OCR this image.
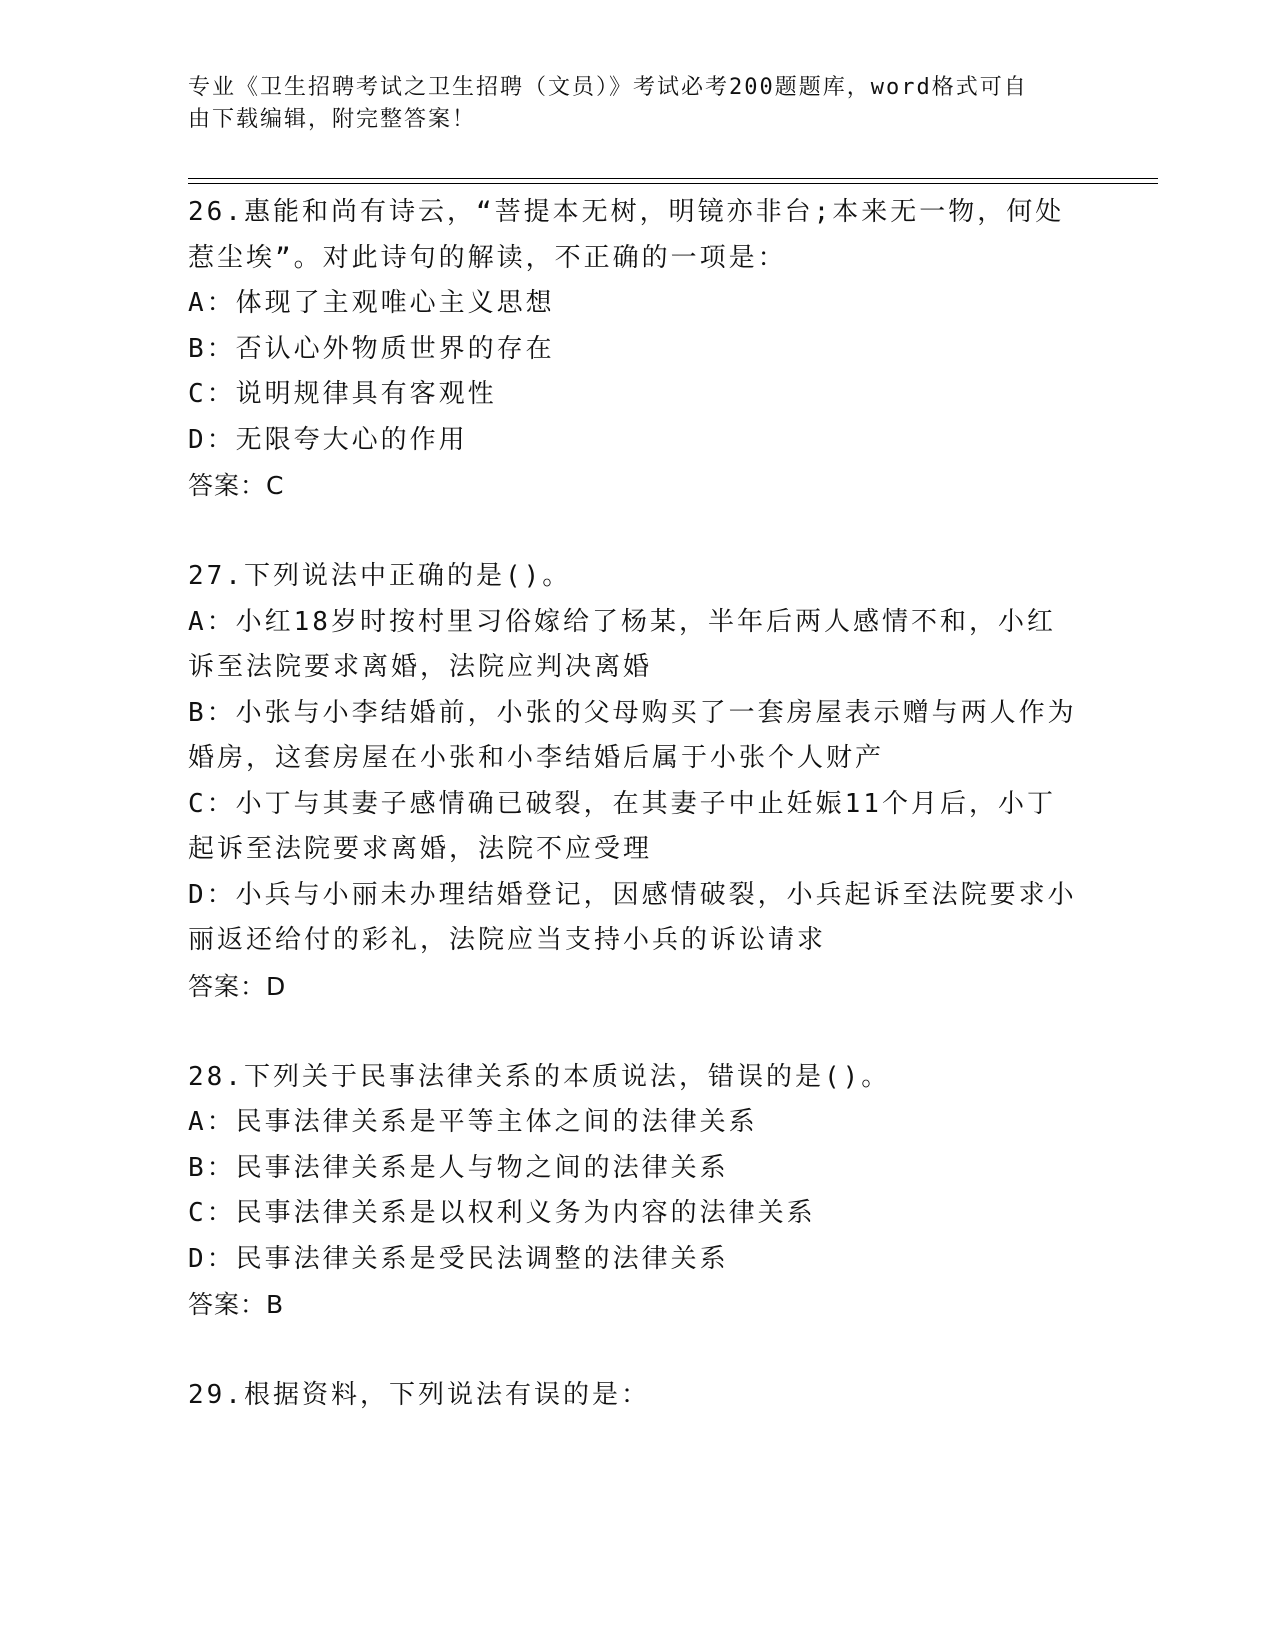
专业《卫生招聘考试之卫生招聘（文员）》考试必考200题题库，word格式可自
由下载编辑，附完整答案！
26.惠能和尚有诗云，“菩提本无树，明镜亦非台;本来无一物，何处
惹尘埃”。对此诗句的解读，不正确的一项是：
A：体现了主观唯心主义思想
B：否认心外物质世界的存在
C：说明规律具有客观性
D：无限夸大心的作用
答案：C
27.下列说法中正确的是()。
A：小红18岁时按村里习俗嫁给了杨某，半年后两人感情不和，小红
诉至法院要求离婚，法院应判决离婚
B：小张与小李结婚前，小张的父母购买了一套房屋表示赠与两人作为
婚房，这套房屋在小张和小李结婚后属于小张个人财产
C：小丁与其妻子感情确已破裂，在其妻子中止妊娠11个月后，小丁
起诉至法院要求离婚，法院不应受理
D：小兵与小丽未办理结婚登记，因感情破裂，小兵起诉至法院要求小
丽返还给付的彩礼，法院应当支持小兵的诉讼请求
答案：D
28.下列关于民事法律关系的本质说法，错误的是()。
A：民事法律关系是平等主体之间的法律关系
B：民事法律关系是人与物之间的法律关系
C：民事法律关系是以权利义务为内容的法律关系
D：民事法律关系是受民法调整的法律关系
答案：B
29.根据资料，下列说法有误的是：
